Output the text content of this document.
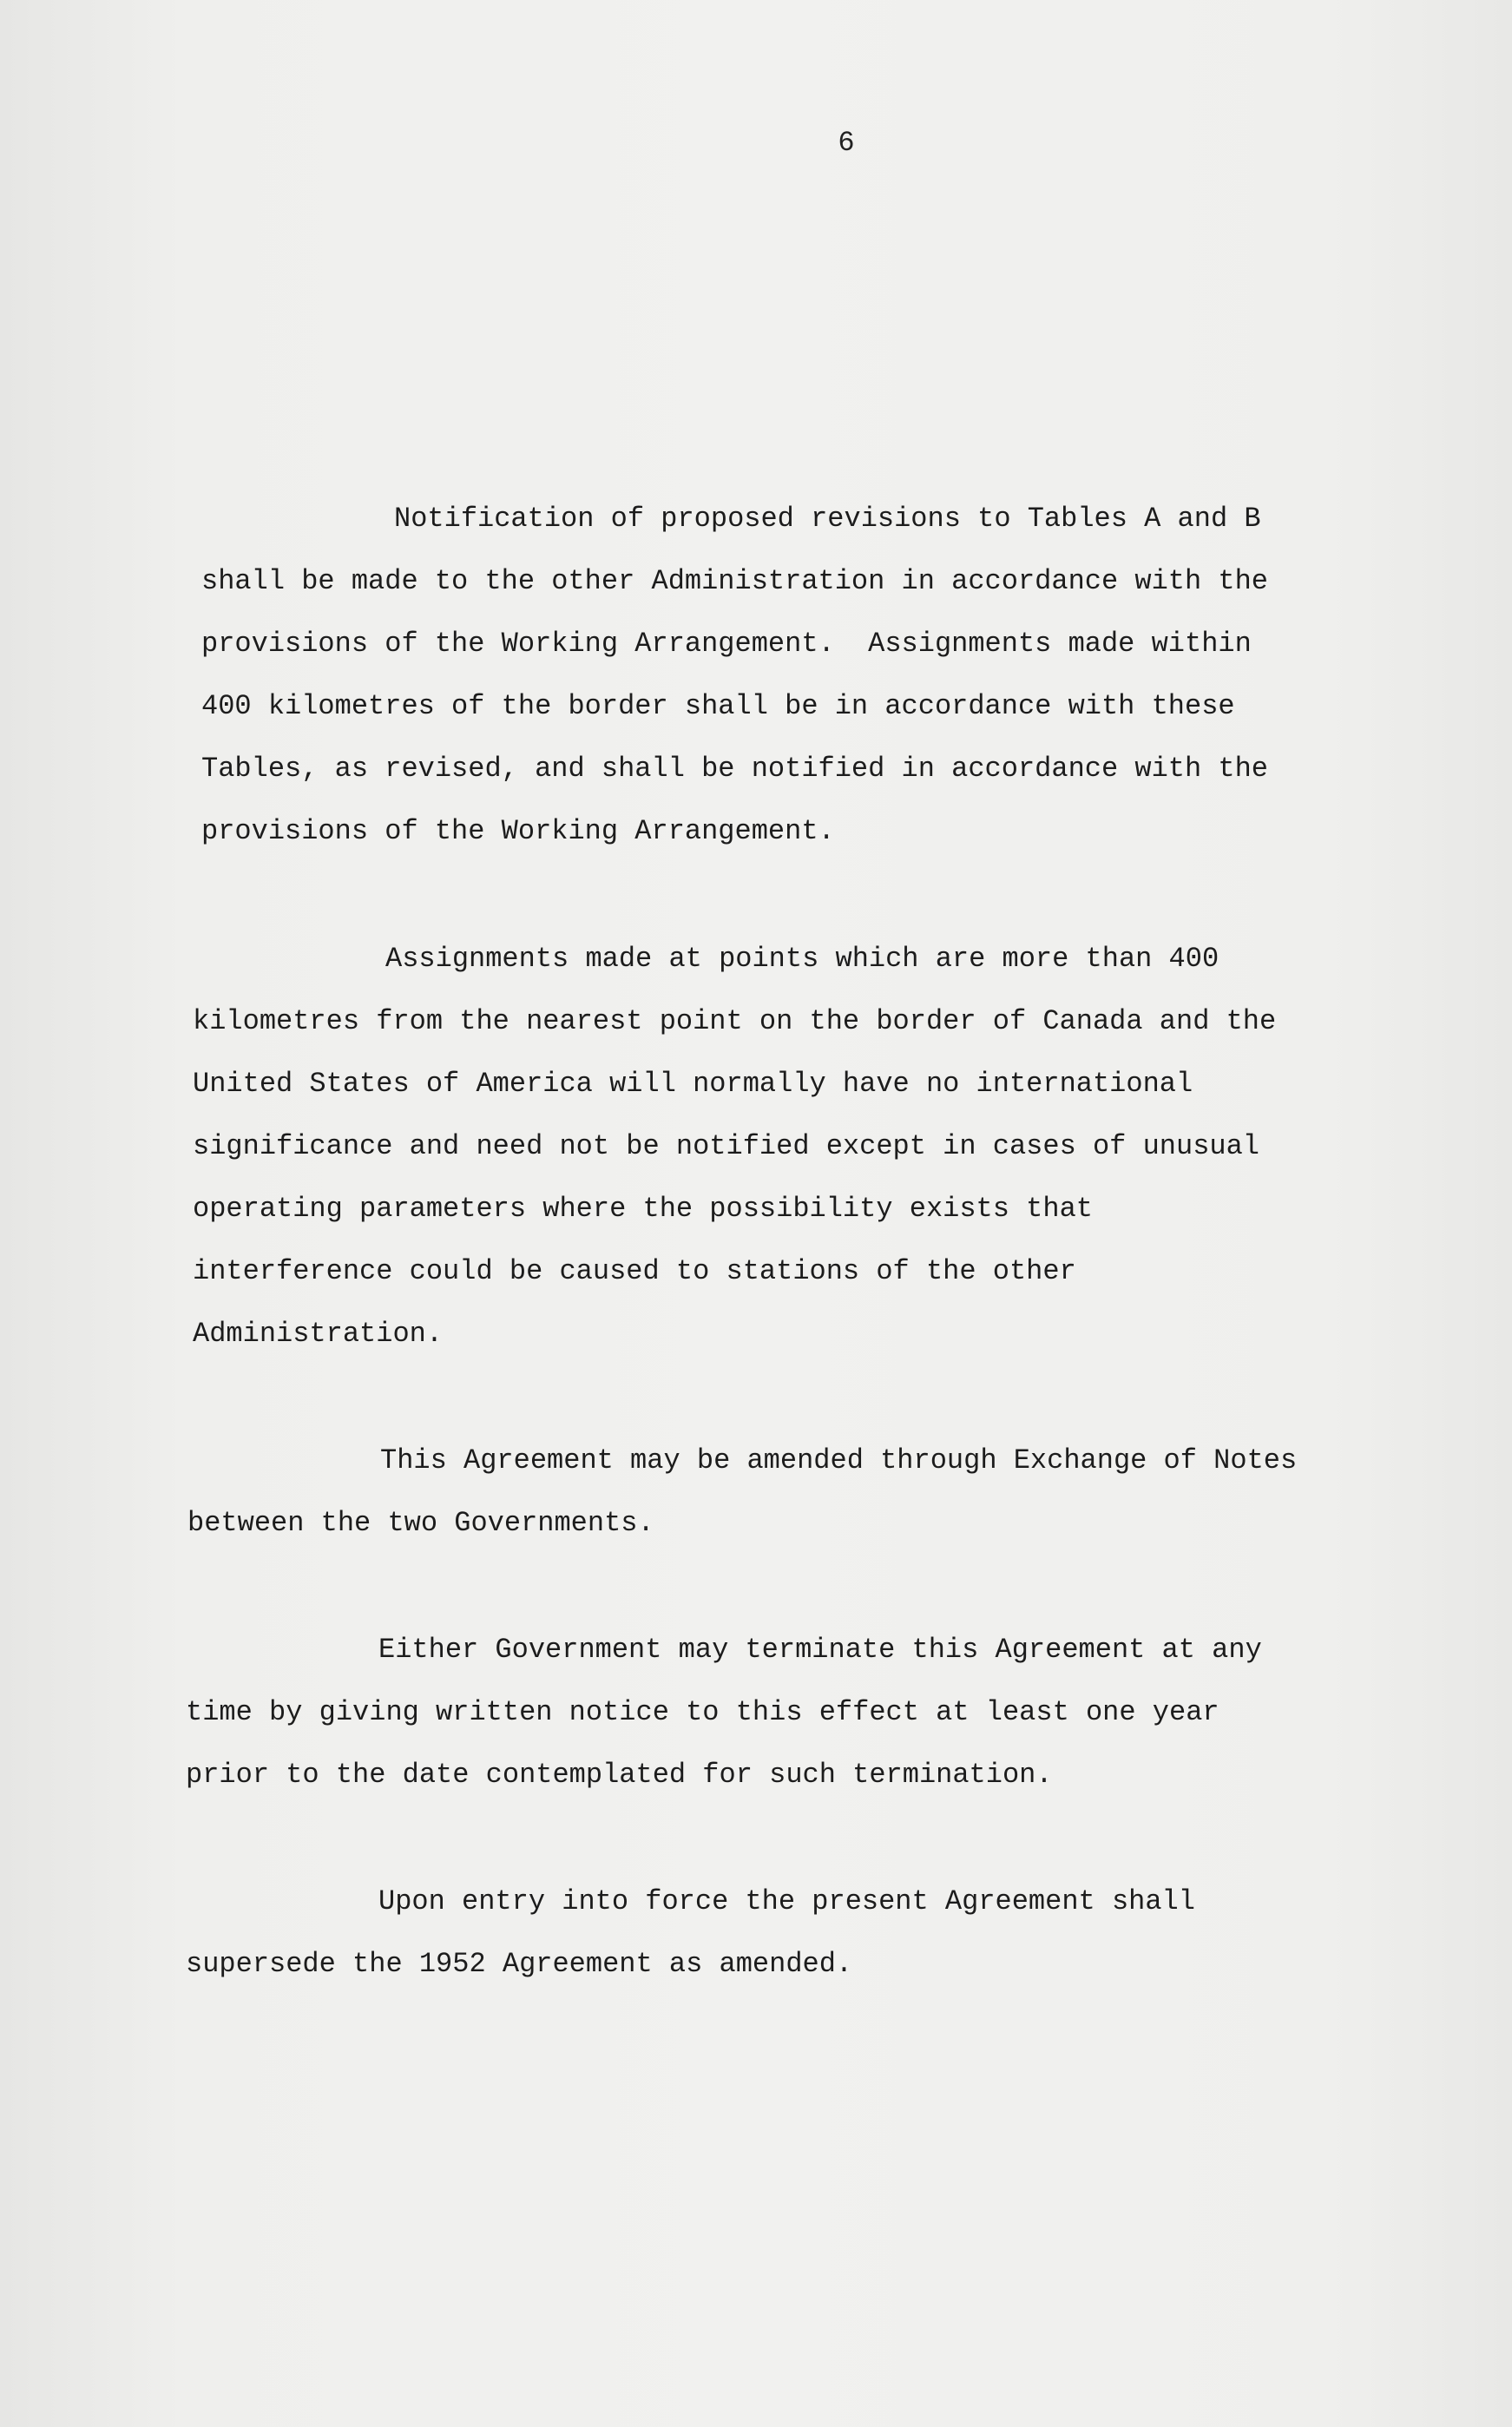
6
Notification of proposed revisions to Tables A and B
shall be made to the other Administration in accordance with the
provisions of the Working Arrangement.  Assignments made within
400 kilometres of the border shall be in accordance with these
Tables, as revised, and shall be notified in accordance with the
provisions of the Working Arrangement.
Assignments made at points which are more than 400
kilometres from the nearest point on the border of Canada and the
United States of America will normally have no international
significance and need not be notified except in cases of unusual
operating parameters where the possibility exists that
interference could be caused to stations of the other
Administration.
This Agreement may be amended through Exchange of Notes
between the two Governments.
Either Government may terminate this Agreement at any
time by giving written notice to this effect at least one year
prior to the date contemplated for such termination.
Upon entry into force the present Agreement shall
supersede the 1952 Agreement as amended.
